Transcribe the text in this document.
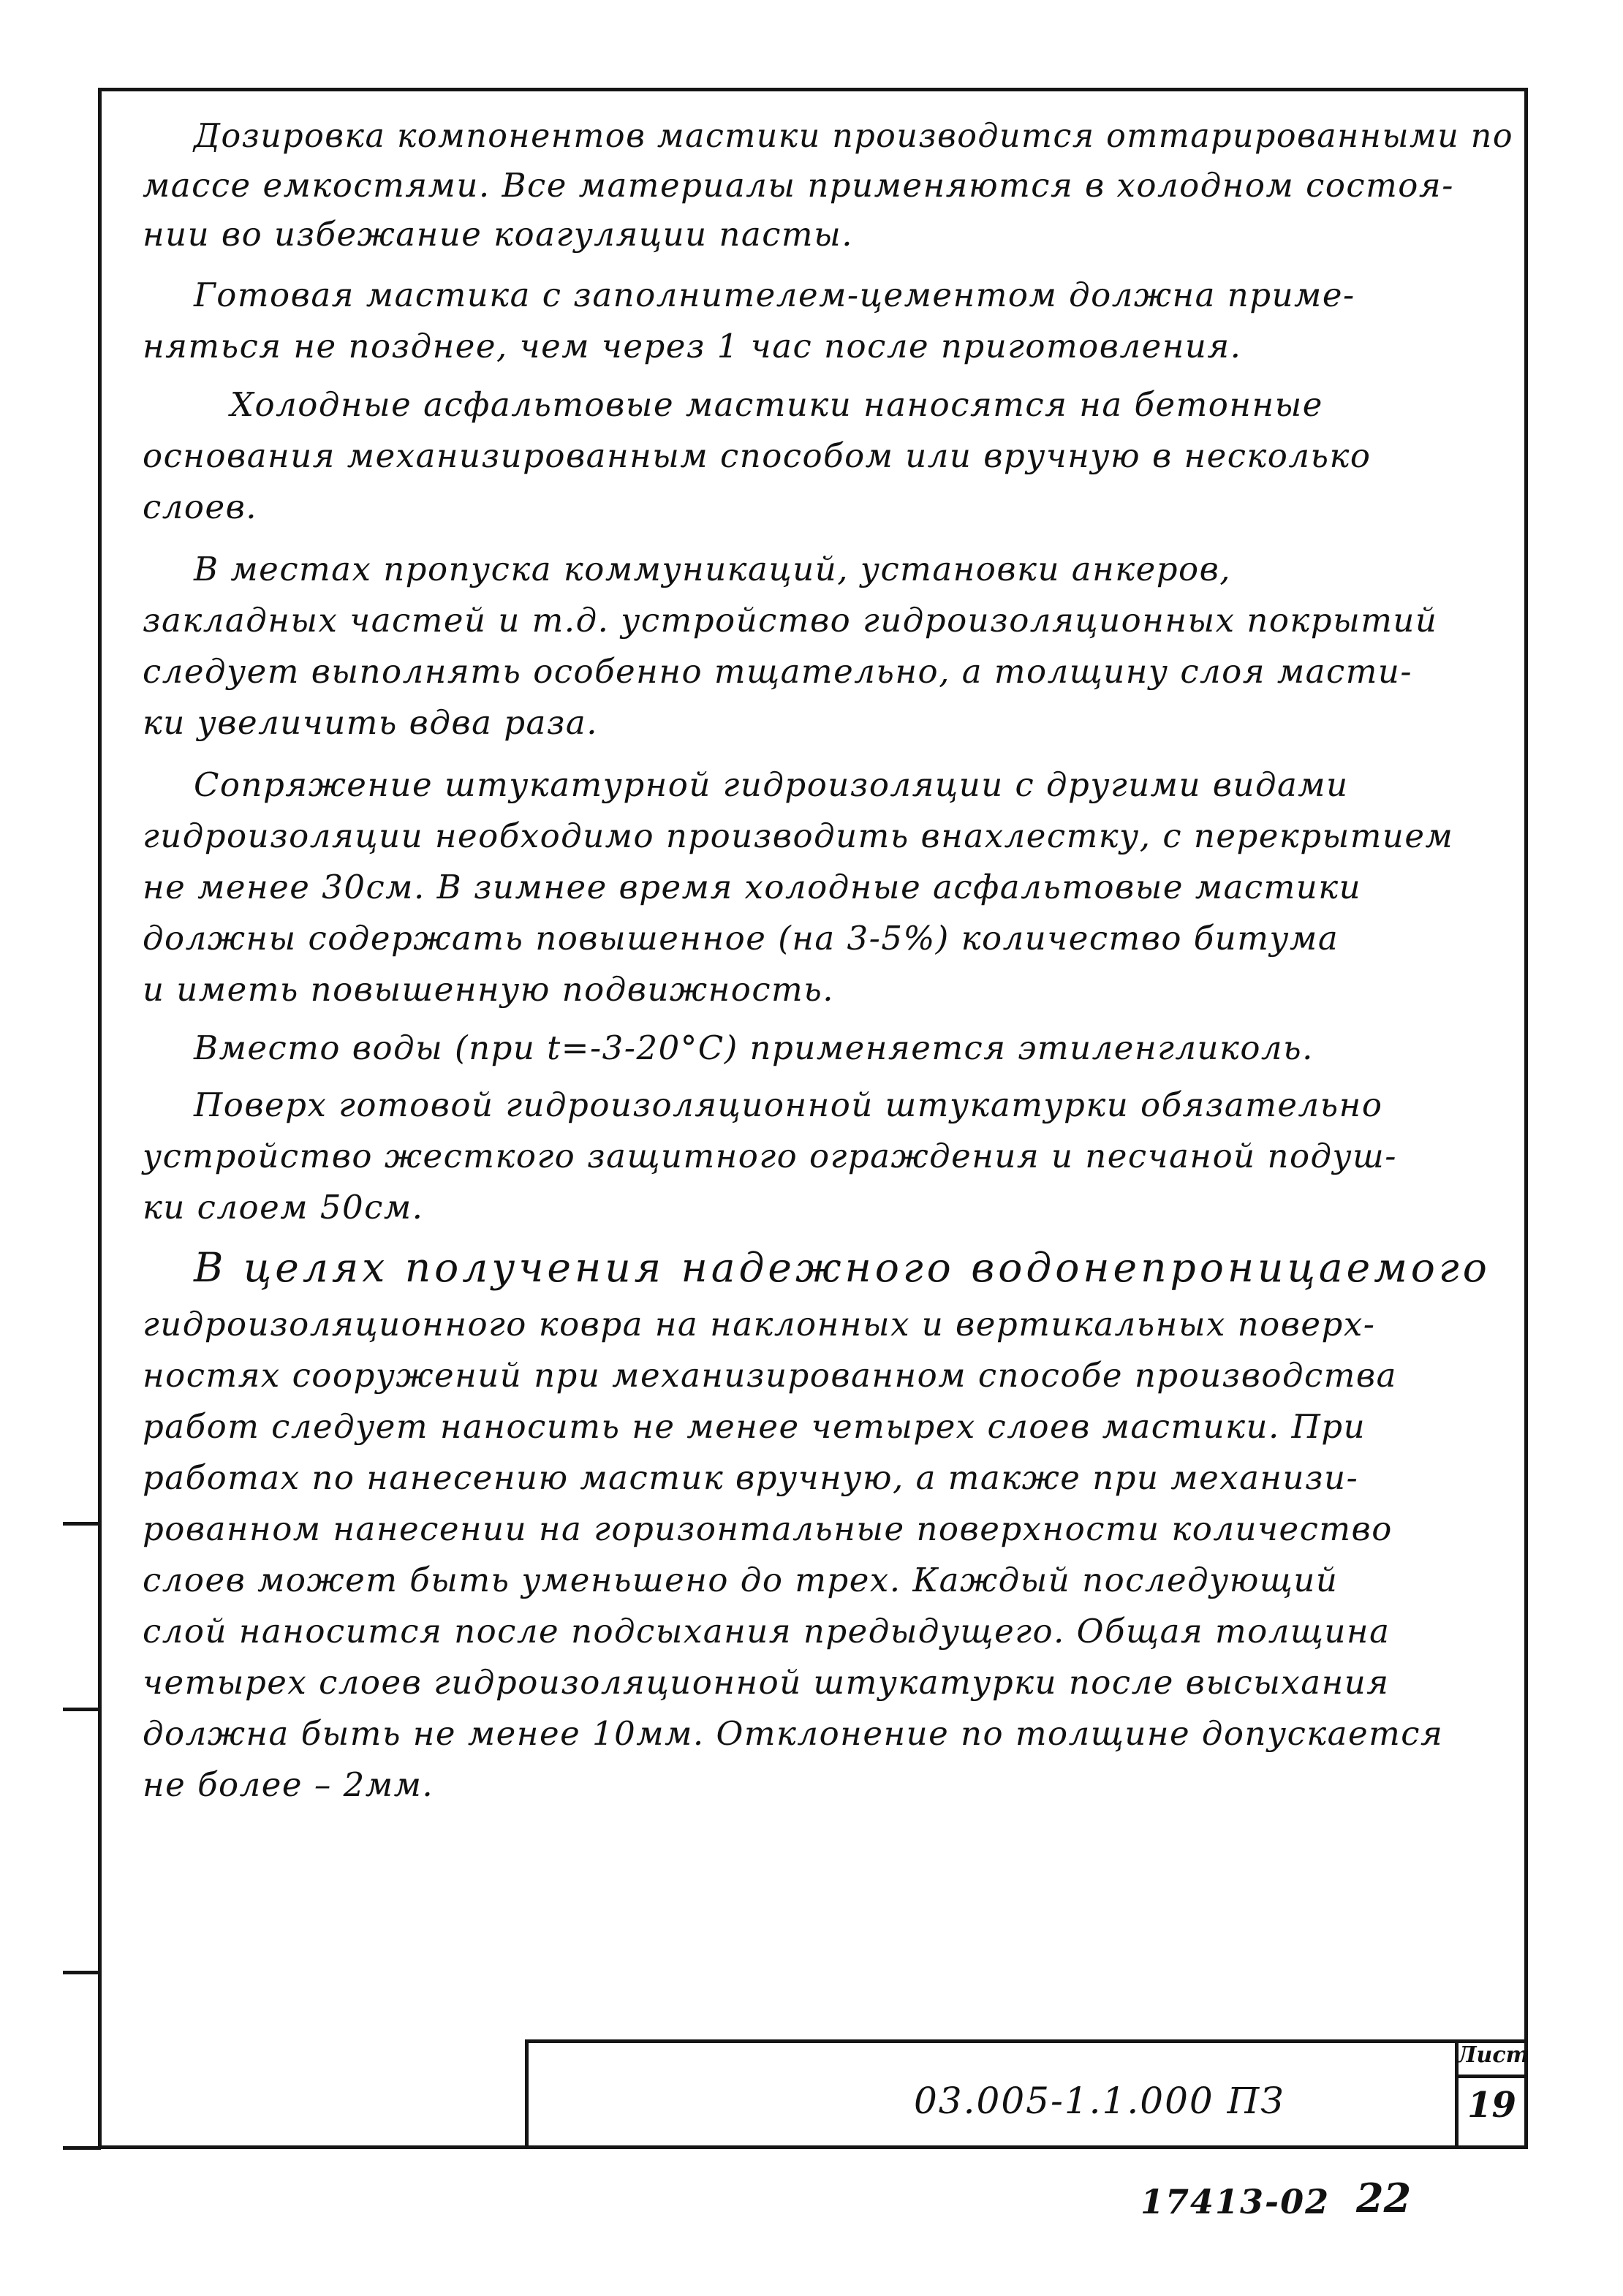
Дозировка компонентов мастики производится оттарированными по
массе емкостями. Все материалы применяются в холодном состоя-
нии во избежание коагуляции пасты.
Готовая мастика с заполнителем-цементом должна приме-
няться не позднее, чем через 1 час после приготовления.
Холодные асфальтовые мастики наносятся на бетонные
основания механизированным способом или вручную в несколько
слоев.
В местах пропуска коммуникаций, установки анкеров,
закладных частей и т.д. устройство гидроизоляционных покрытий
следует выполнять особенно тщательно, а толщину слоя масти-
ки увеличить вдва раза.
Сопряжение штукатурной гидроизоляции с другими видами
гидроизоляции необходимо производить внахлестку, с перекрытием
не менее 30см. В зимнее время холодные асфальтовые мастики
должны содержать повышенное (на 3-5%) количество битума
и иметь повышенную подвижность.
Вместо воды (при t=-3-20°С) применяется этиленгликоль.
Поверх готовой гидроизоляционной штукатурки обязательно
устройство жесткого защитного ограждения и песчаной подуш-
ки слоем 50см.
В целях получения надежного водонепроницаемого
гидроизоляционного ковра на наклонных и вертикальных поверх-
ностях сооружений при механизированном способе производства
работ следует наносить не менее четырех слоев мастики. При
работах по нанесению мастик вручную, а также при механизи-
рованном нанесении на горизонтальные поверхности количество
слоев может быть уменьшено до трех. Каждый последующий
слой наносится после подсыхания предыдущего. Общая толщина
четырех слоев гидроизоляционной штукатурки после высыхания
должна быть не менее 10мм. Отклонение по толщине допускается
не более – 2мм.
03.005-1.1.000 ПЗ
Лист
19
17413-02 22
